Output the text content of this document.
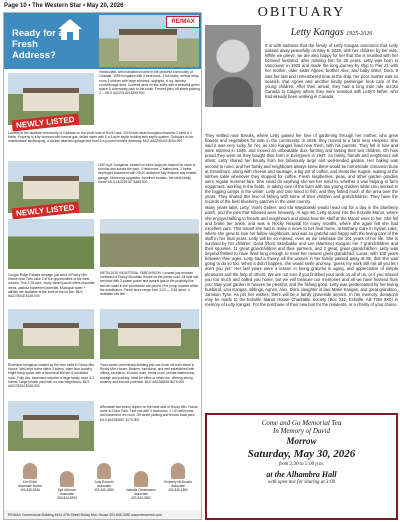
Page 10 • The Western Star • May 20, 2026
Ready for a Fresh Address?
RE/MAX
Immaculate, well maintained home in the peaceful community of Oxadale. 1999 bungalow with 2 bedrooms, 2 full baths, central living room & kitchen with large windows, skylights, ft. sq. laundry room/storage area. Covered deck on two sides with a beautiful green space & community park to the south. Fenced yard, off street parking. 2 ... MLS #A2241184 $299,900
NEWLY LISTED
Located in the lakeside community of Oxadale on the south side of Buck Lake. 2019 built raised bungalow features 2 beds & 2 baths. Property is fully serviced with natural gas, drilled water well & a 5 acre septic holding tank septic system. Outdoors is low maintenance landscaping, a double attached garage and front & a poured cement driveway. MLS #A2290403 $284,900
NEWLY LISTED
1150 sq.ft. bungalow, located on extra large pie-shaped lot close to schools and across the park. 4 bedrooms, 2 bathrooms. 2 baths, developed basement with 25x20 detached fully finished and heated garage. Numerous upgrades, excellent location, the ideal family home! MLS #A2299157 $489,900
Cougar Ridge Estates acreage just west of Rocky Mtn. House near Twin Lake 3 of the opportunities of the west country. This 2.28-acre, nicely raised parcel offers mountain views, walkout basement potential. Municipal water + utilities are available at the front of the lot line. MLS #A2278518 $165,000
METALDOG INDUSTRIAL SUBDIVISION. Located just minutes northeast of Rocky Mountain House on the paved road. All lane lots serviced with 3-phase power and natural gas to the property line and all roads in the subdivision are paved. Fire pump located within the subdivision. Parcel sizes range from 3.00 — 9.55 acres. 4 available lots left.
Riverview bungalow located by the river trails in Rocky Mtn. House. Well kept home offers 3 bdrms, main floor laundry, bright living space with a functional kitchen & breakfast nook. Fully dev. basement includes a large family room & 2 bdrms. Large private yard with no rear neighbours. MLS #A2275094 $348,900
Town-centre commercial building just one block off main street in Rocky Mtn. House. Modern, functional, and well-established with offices, reception, a board room, break room, private washrooms, storage and parking. Ideal for office or retail use, offering strong tenancy and income potential. MLS #A2286635 $675,000
Affordable two storey duplex on the west side of Rocky Mtn. House close to Dopo Park. First unit with 3 bedrooms, 1 1/2 bathrooms and basement rec room. Off street parking and fenced back yard. MLS #A2280857 $179,900
Kim Elliott
Associate Broker
403-845-6346	Syd Atkinson
Associate
403-844-6394
Judy Rosvold
Associate
403-845-4505	Isabella Christiansen
Associate
403-844-2800
Kimberly McDonald
Associate
403-846-1800
RE/MAX Cornerstone Building 4924 47th Street Rocky Mtn. House 403-845-3280 www.remaxrmh.com
OBITUARY
Letty Kangas 1925-2026

It is with sadness that the family of Letty Kangas announce that Letty passed away peacefully on May 8, 2026, with her children by her side. While we grieve, we are also happy for her that she is reunited with her beloved husband, after missing him for 26 years. Letty was born in Vancouver in 1925 and made the long journey by ship to Pier 21 with her mother, older sister Agnes, brother Alex, and baby sister, Dora. It was her last and remembered time at the ship, her poor mother was so seasick, that Agnes and another kindly passenger took care of the young children. After their arrival, they had a long train ride across Canada to Calgary where they were reunited with Letty's father, who had already been working in Canada.

They settled near Brooks, where Letty gained her love of gardening through her mother, who grew flowers and vegetables for sale in the community. In 1936, they moved to a farm near Hespero. She said it was very lucky for her, as Uno Kangas lived near them, with his parents. They fell in love and were married in 1948, and moved an unbeatable duo, farming and raising their two children. Oh how proud they were as they bought their farm in Evergreen in 1947. As family, friends and neighbours will attest, Letty shared her bounty from her fabulously large and well-tended garden. Her baking was second to none, and her family and neighbours always knew there would be homemade cinnamon buns at Grandma's, along with cheese and sausage, a big pot of coffee, and treats like Kugels, waiting at the kitchen table whenever they stopped for coffee. Fresh raspberries, peas, and other garden goodies were regular summer fare. She could do anything she set her mind to, whether it was helping to farm equipment, working in the fields, or taking care of the farm with two young children while Uno worked in the logging camps in the winter. Letty and Uno loved to fish, and they fished much of the area over the years. They shared this love of fishing with some of their children and grandchildren. They have the records of the best blueberry patches in the west country.

Many years later, Letty, Violet Gebler, and Ida Waydowski would head out for a day in the blueberry patch, and the pies that followed were heavenly. At age 96, Letty moved into the Eckville Manor, where she enjoyed talking to friends and neighbours and about how the staff at the Manor were to her. She fell and broke her ankle, and was in Rocky Hospital for many months, where she again felt she had excellent care. This meant she had to make a move to her final home, at Bethany Care in Sylvan Lake, where she grew to love her fellow neighbours, and was so grateful and happy with the loving care of the staff in her final years. Letty will be so missed, even as we celebrate the 101 years of her life. She is survived by her children: Carol (Ron) Skovbakke and Len (Marlene) Kangas; her 7 grandchildren and their spouses, 11 great grandchildren and their partners, and 2 great, great grandchildren. Letty was beyond thrilled to have lived long enough to meet her newest great grandchild, Lucas, with 100 years between their ages. Letty had a theory, all the women in her family passed away at 85, that she was going to do so too. When it didn't happen, she would smile and say, 'guess my work still not all you let I don't you yet.' Her last years were a lesson in being graceful in aging, and appreciative of simple pleasures and the help of others. We are not sure if you finished your work on all of us, or if you missed you too much and called you home, but we will treasure our memories and all we have learned from you. May your garden in heaven be plentiful, and the fishing good. Letty was predeceased by her loving husband, Uno Kangas, siblings, Agnes, Alex, Dora, daughter in law, Marie Kangas, and great grandson, Jamison Tyse. As per her wishes, there will be a family graveside service. In her memory, donations may be made to the Eckville Manor House Charitable Society (Box 232, Eckville, AB T0M 0X0) in memory of Letty Kangas. For the purchase of their new bus for the residents, or a charity of your choice.

Come and Go Memorial Tea
In Memory of David
Morrow
Saturday, May 30, 2026
from 2:30 to 5:00 p.m.
at the Alhambra Hall
with open mic for sharing at 3:00
